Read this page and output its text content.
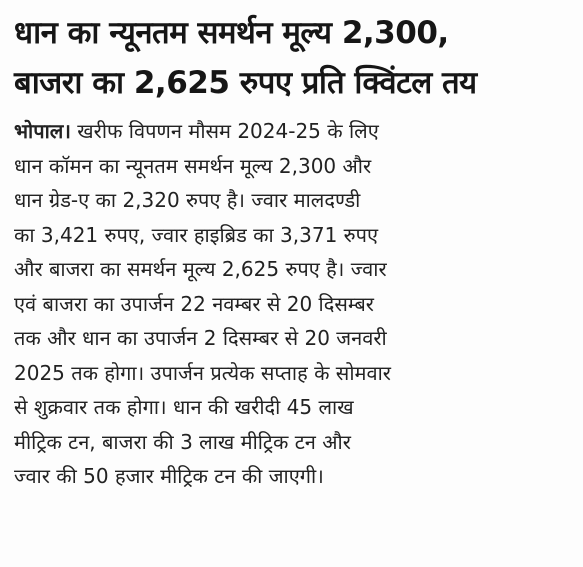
धान का न्यूनतम समर्थन मूल्य 2,300,
बाजरा का 2,625 रुपए प्रति क्विंटल तय
भोपाल। खरीफ विपणन मौसम 2024-25 के लिए
धान कॉमन का न्यूनतम समर्थन मूल्य 2,300 और
धान ग्रेड-ए का 2,320 रुपए है। ज्वार मालदण्डी
का 3,421 रुपए, ज्वार हाइब्रिड का 3,371 रुपए
और बाजरा का समर्थन मूल्य 2,625 रुपए है। ज्वार
एवं बाजरा का उपार्जन 22 नवम्बर से 20 दिसम्बर
तक और धान का उपार्जन 2 दिसम्बर से 20 जनवरी
2025 तक होगा। उपार्जन प्रत्येक सप्ताह के सोमवार
से शुक्रवार तक होगा। धान की खरीदी 45 लाख
मीट्रिक टन, बाजरा की 3 लाख मीट्रिक टन और
ज्वार की 50 हजार मीट्रिक टन की जाएगी।
